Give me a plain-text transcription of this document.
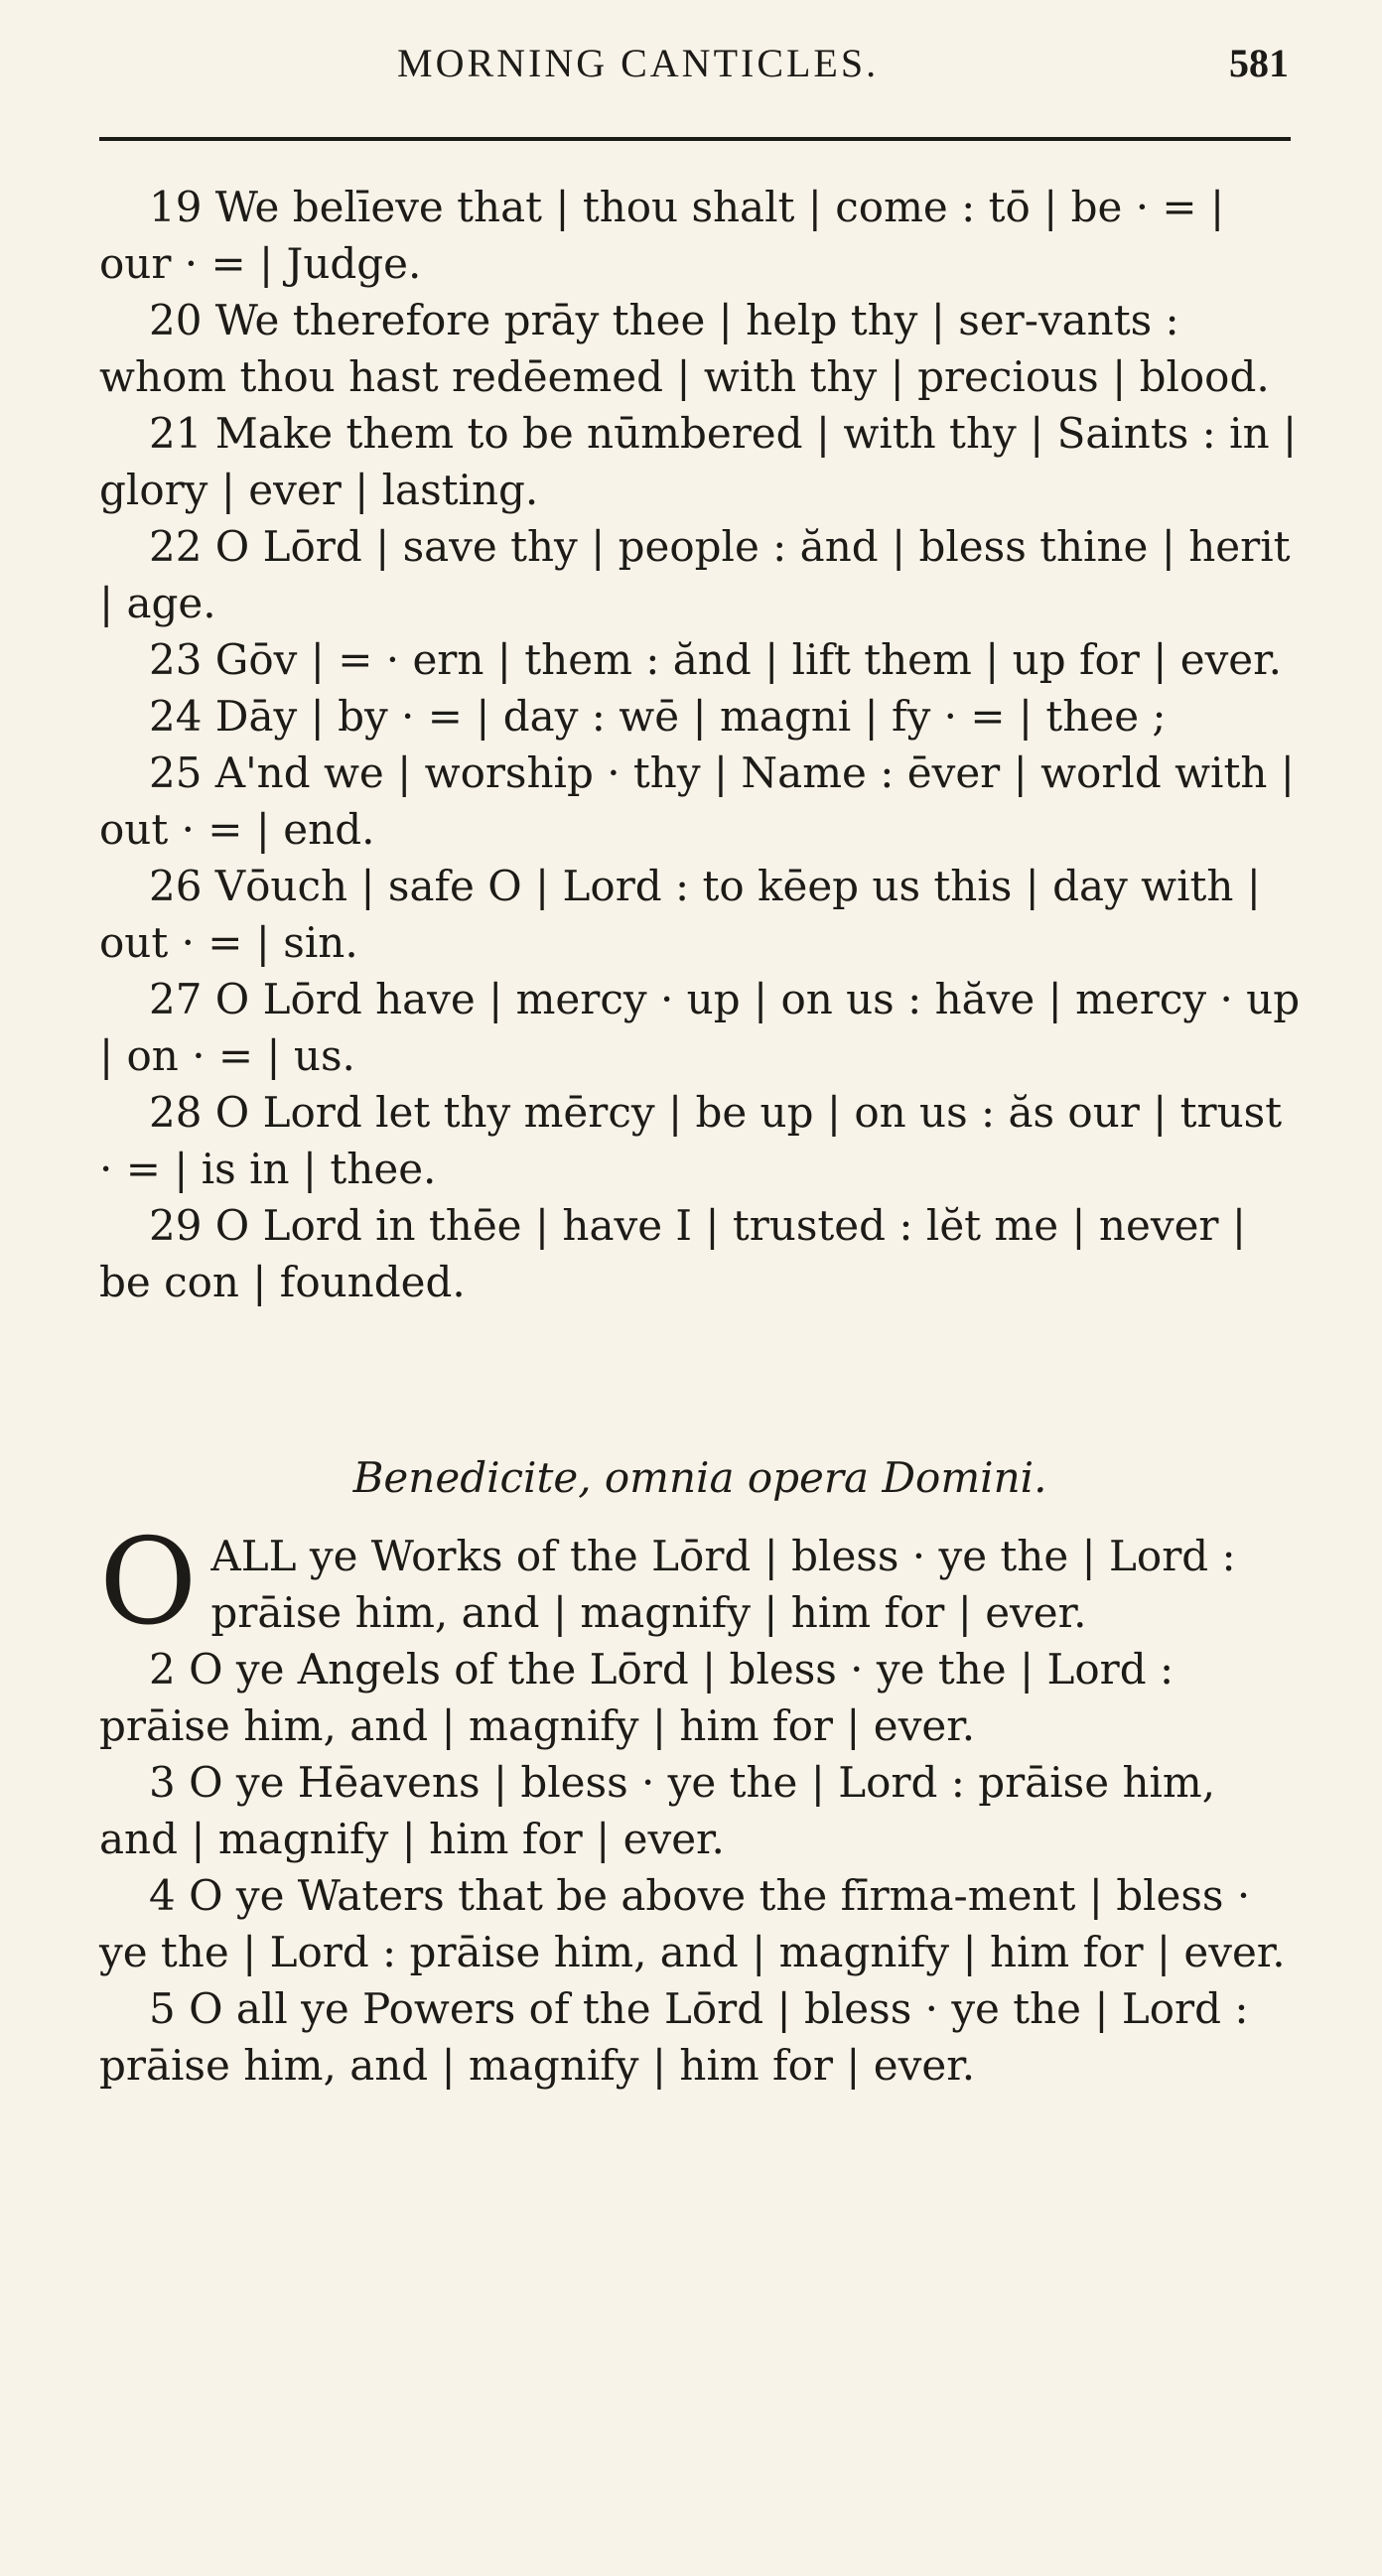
MORNING CANTICLES.	581

19 We belīeve that | thou shalt | come : tō | be · = | our · = | Judge.

20 We therefore prāy thee | help thy | ser-vants : whom thou hast redēemed | with thy | precious | blood.

21 Make them to be nūmbered | with thy | Saints : in | glory | ever | lasting.

22 O Lōrd | save thy | people : ănd | bless thine | herit | age.

23 Gōv | = · ern | them : ănd | lift them | up for | ever.

24 Dāy | by · = | day : wē | magni | fy · = | thee ;

25 A'nd we | worship · thy | Name : ēver | world with | out · = | end.

26 Vōuch | safe O | Lord : to kēep us this | day with | out · = | sin.

27 O Lōrd have | mercy · up | on us : hăve | mercy · up | on · = | us.

28 O Lord let thy mērcy | be up | on us : ăs our | trust · = | is in | thee.

29 O Lord in thēe | have I | trusted : lĕt me | never | be con | founded.

Benedicite, omnia opera Domini.

O ALL ye Works of the Lōrd | bless · ye the | Lord : prāise him, and | magnify | him for | ever.

2 O ye Angels of the Lōrd | bless · ye the | Lord : prāise him, and | magnify | him for | ever.

3 O ye Hēavens | bless · ye the | Lord : prāise him, and | magnify | him for | ever.

4 O ye Waters that be above the fīrma-ment | bless · ye the | Lord : prāise him, and | magnify | him for | ever.

5 O all ye Powers of the Lōrd | bless · ye the | Lord : prāise him, and | magnify | him for | ever.
